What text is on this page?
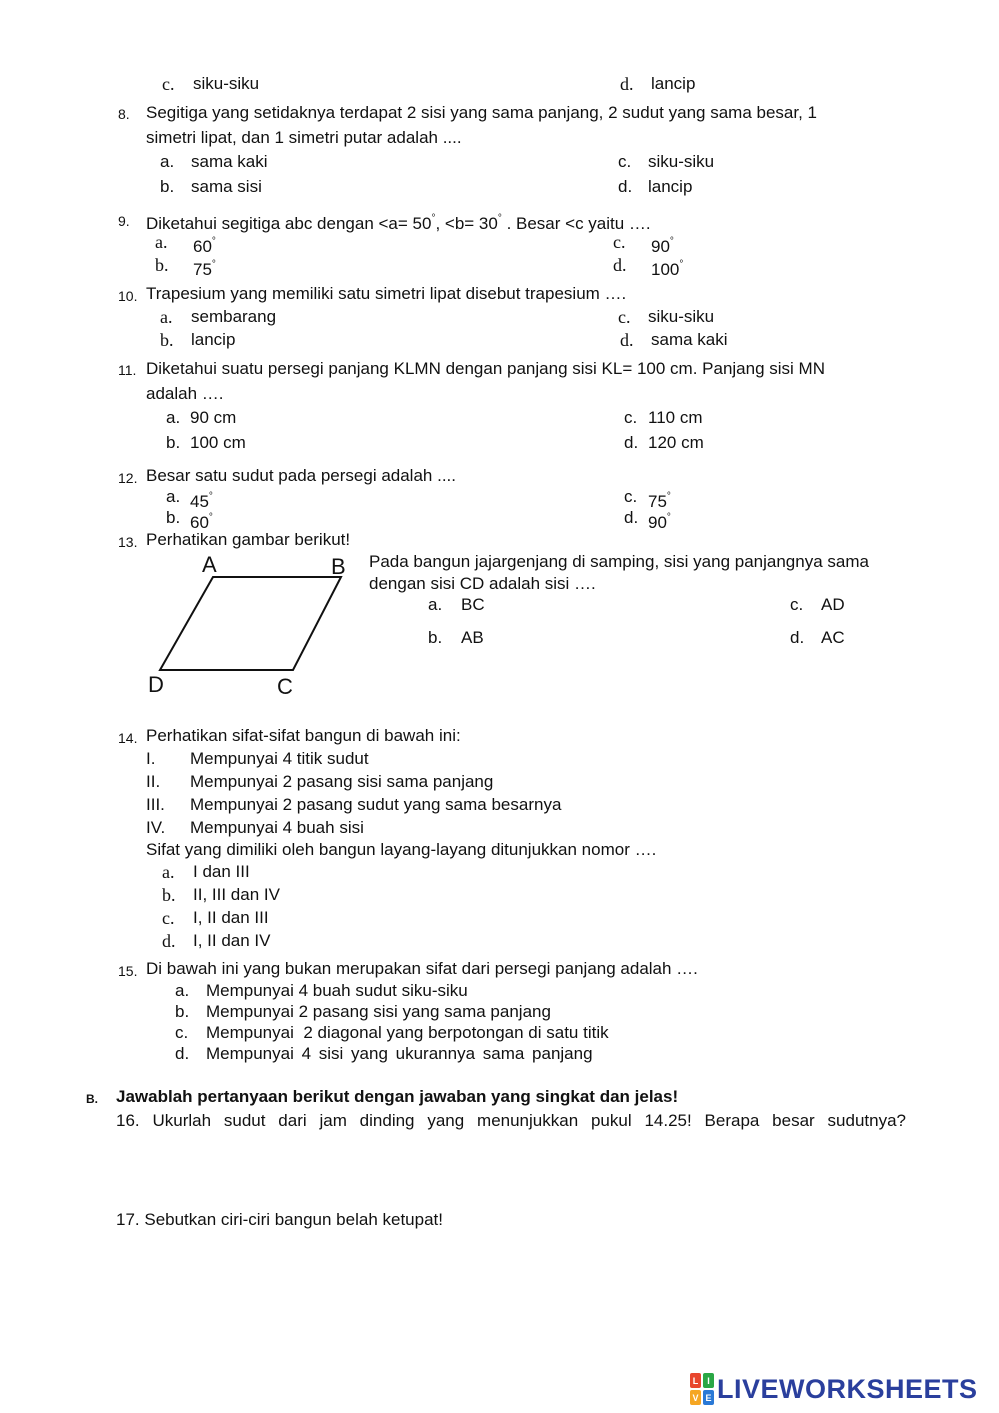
c. siku-siku	d. lancip
8. Segitiga yang setidaknya terdapat 2 sisi yang sama panjang, 2 sudut yang sama besar, 1
simetri lipat, dan 1 simetri putar adalah ....
a. sama kaki
b. sama sisi
c. siku-siku
d. lancip
9. Diketahui segitiga abc dengan <a= 50°, <b= 30° . Besar <c yaitu ….
a. 60°
b. 75°
c. 90°
d. 100°
10. Trapesium yang memiliki satu simetri lipat disebut trapesium ….
a. sembarang
b. lancip
c. siku-siku
d. sama kaki
11. Diketahui suatu persegi panjang KLMN dengan panjang sisi KL= 100 cm. Panjang sisi MN
adalah ….
a. 90 cm
b. 100 cm
c. 110 cm
d. 120 cm
12. Besar satu sudut pada persegi adalah ....
a. 45°
b. 60°
c. 75°
d. 90°
13. Perhatikan gambar berikut!
A	B
C
D
Pada bangun jajargenjang di samping, sisi yang panjangnya sama
dengan sisi CD adalah sisi ….
a. BC
b. AB
c. AD
d. AC
14. Perhatikan sifat-sifat bangun di bawah ini:
I. Mempunyai 4 titik sudut
II. Mempunyai 2 pasang sisi sama panjang
III. Mempunyai 2 pasang sudut yang sama besarnya
IV. Mempunyai 4 buah sisi
Sifat yang dimiliki oleh bangun layang-layang ditunjukkan nomor ….
a. I dan III
b. II, III dan IV
c. I, II dan III
d. I, II dan IV
15. Di bawah ini yang bukan merupakan sifat dari persegi panjang adalah ….
a. Mempunyai 4 buah sudut siku-siku
b. Mempunyai 2 pasang sisi yang sama panjang
c. Mempunyai  2 diagonal yang berpotongan di satu titik
d. Mempunyai 4 sisi yang ukurannya sama panjang
B. Jawablah pertanyaan berikut dengan jawaban yang singkat dan jelas!
16. Ukurlah sudut dari jam dinding yang menunjukkan pukul 14.25! Berapa besar sudutnya?
17. Sebutkan ciri-ciri bangun belah ketupat!
L I
V E LIVEWORKSHEETS
